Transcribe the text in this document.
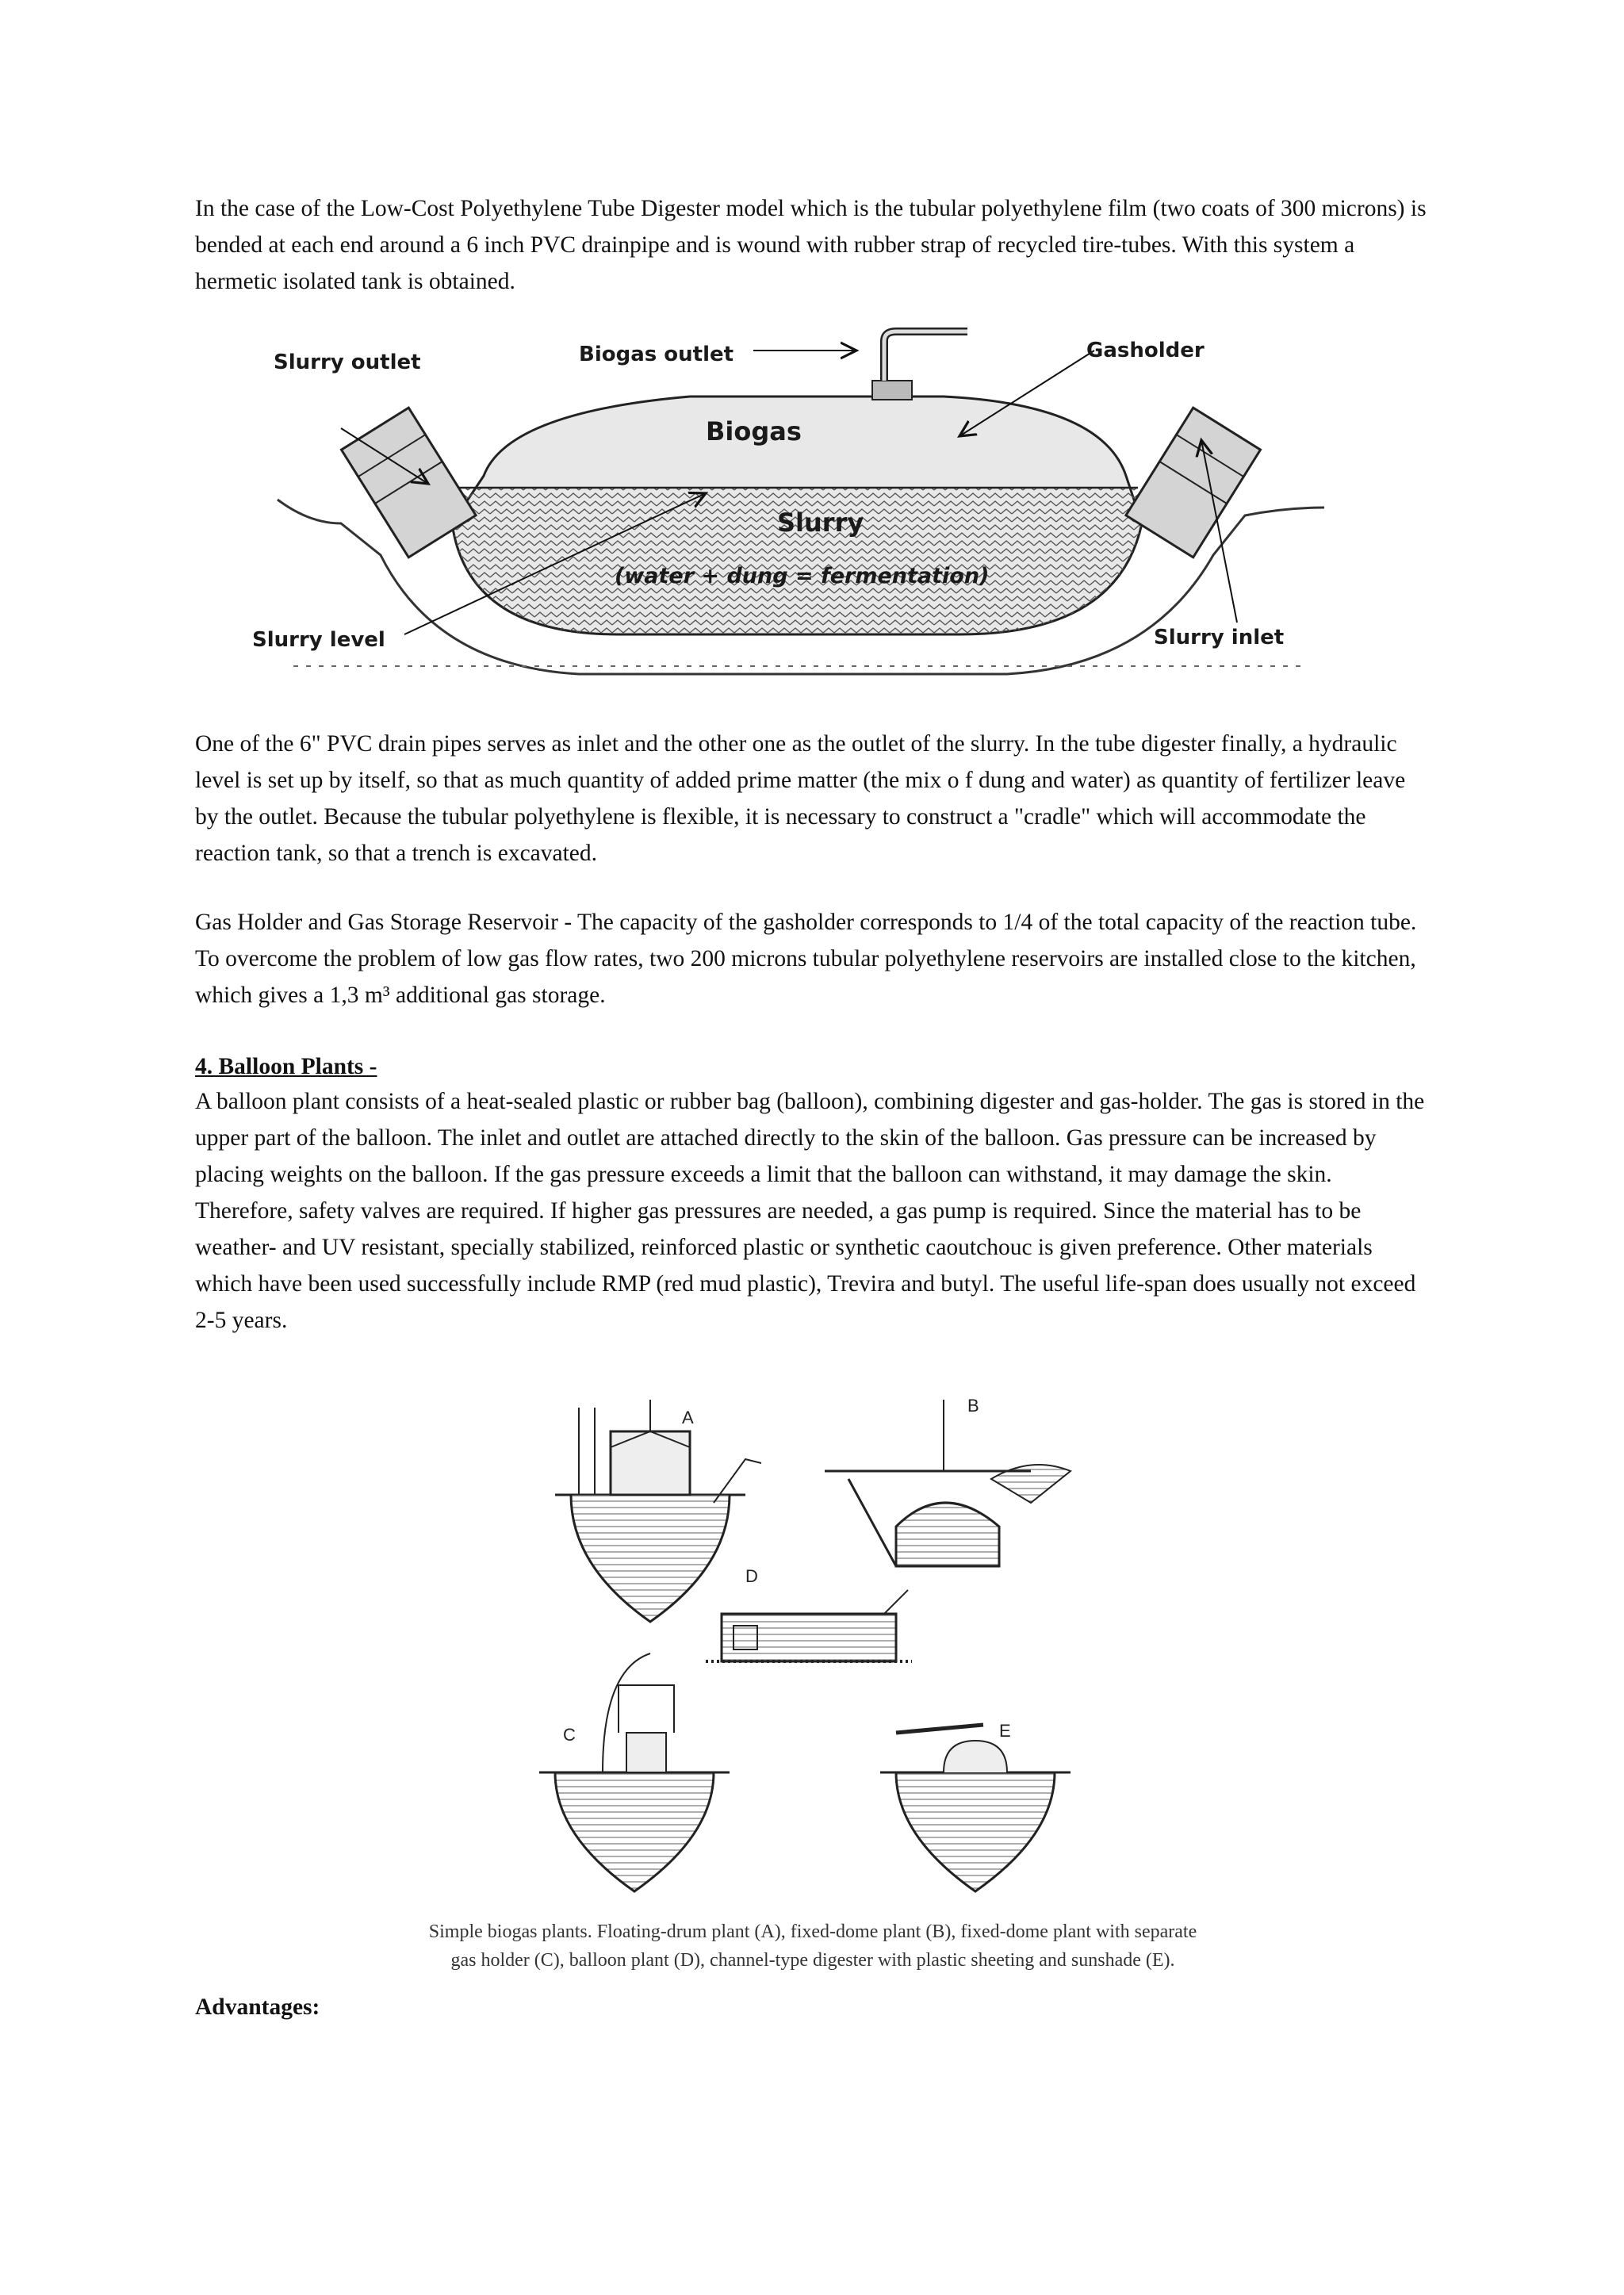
In the case of the Low-Cost Polyethylene Tube Digester model which is the tubular polyethylene film (two coats of 300 microns) is bended at each end around a 6 inch PVC drainpipe and is wound with rubber strap of recycled tire-tubes. With this system a hermetic isolated tank is obtained.

Slurry outlet	Biogas outlet	Gasholder
Biogas
Slurry
(water + dung = fermentation)
Slurry level	Slurry inlet

One of the 6" PVC drain pipes serves as inlet and the other one as the outlet of the slurry. In the tube digester finally, a hydraulic level is set up by itself, so that as much quantity of added prime matter (the mix o f dung and water) as quantity of fertilizer leave by the outlet. Because the tubular polyethylene is flexible, it is necessary to construct a "cradle" which will accommodate the reaction tank, so that a trench is excavated.

Gas Holder and Gas Storage Reservoir - The capacity of the gasholder corresponds to 1/4 of the total capacity of the reaction tube. To overcome the problem of low gas flow rates, two 200 microns tubular polyethylene reservoirs are installed close to the kitchen, which gives a 1,3 m³ additional gas storage.

4. Balloon Plants -

A balloon plant consists of a heat-sealed plastic or rubber bag (balloon), combining digester and gas-holder. The gas is stored in the upper part of the balloon. The inlet and outlet are attached directly to the skin of the balloon. Gas pressure can be increased by placing weights on the balloon. If the gas pressure exceeds a limit that the balloon can withstand, it may damage the skin. Therefore, safety valves are required. If higher gas pressures are needed, a gas pump is required. Since the material has to be weather- and UV resistant, specially stabilized, reinforced plastic or synthetic caoutchouc is given preference. Other materials which have been used successfully include RMP (red mud plastic), Trevira and butyl. The useful life-span does usually not exceed 2-5 years.

A
B
D
C	E
Simple biogas plants. Floating-drum plant (A), fixed-dome plant (B), fixed-dome plant with separate
gas holder (C), balloon plant (D), channel-type digester with plastic sheeting and sunshade (E).

Advantages:
